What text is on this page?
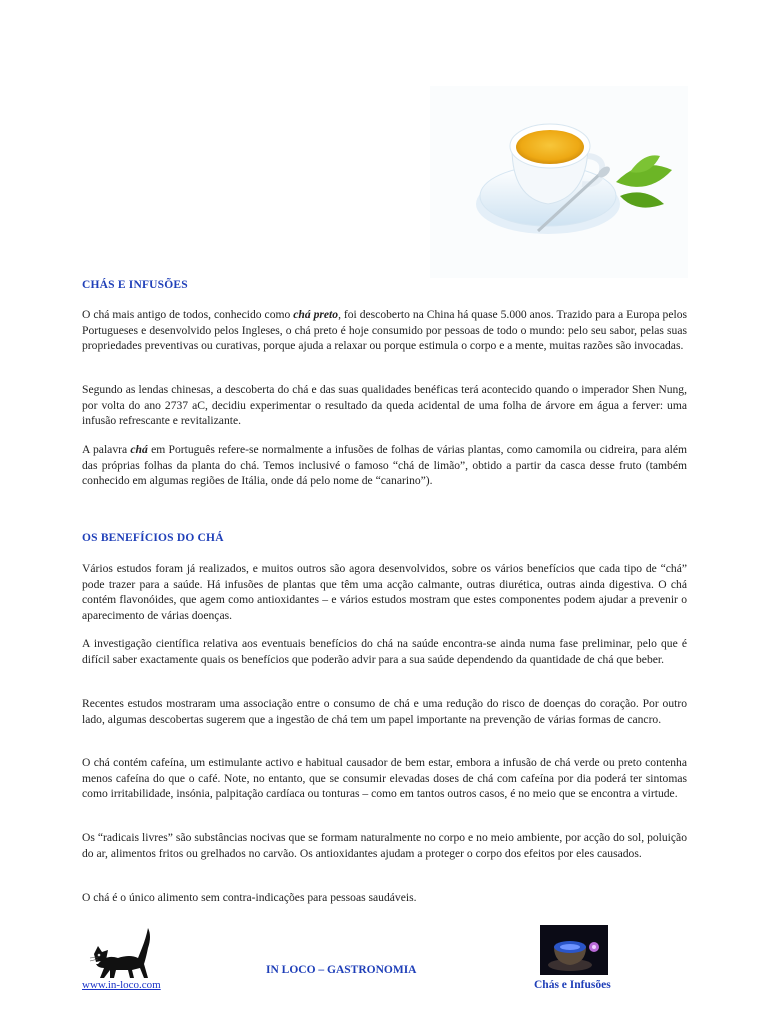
CHÁS E INFUSÕES

O chá mais antigo de todos, conhecido como chá preto, foi descoberto na China há quase 5.000 anos. Trazido para a Europa pelos Portugueses e desenvolvido pelos Ingleses, o chá preto é hoje consumido por pessoas de todo o mundo: pelo seu sabor, pelas suas propriedades preventivas ou curativas, porque ajuda a relaxar ou porque estimula o corpo e a mente, muitas razões são invocadas.

Segundo as lendas chinesas, a descoberta do chá e das suas qualidades benéficas terá acontecido quando o imperador Shen Nung, por volta do ano 2737 aC, decidiu experimentar o resultado da queda acidental de uma folha de árvore em água a ferver: uma infusão refrescante e revitalizante.

A palavra chá em Português refere-se normalmente a infusões de folhas de várias plantas, como camomila ou cidreira, para além das próprias folhas da planta do chá. Temos inclusivé o famoso “chá de limão”, obtido a partir da casca desse fruto (também conhecido em algumas regiões de Itália, onde dá pelo nome de “canarino”).

OS BENEFÍCIOS DO CHÁ

Vários estudos foram já realizados, e muitos outros são agora desenvolvidos, sobre os vários benefícios que cada tipo de “chá” pode trazer para a saúde. Há infusões de plantas que têm uma acção calmante, outras diurética, outras ainda digestiva. O chá contém flavonóides, que agem como antioxidantes – e vários estudos mostram que estes componentes podem ajudar a prevenir o aparecimento de várias doenças.

A investigação científica relativa aos eventuais benefícios do chá na saúde encontra-se ainda numa fase preliminar, pelo que é difícil saber exactamente quais os benefícios que poderão advir para a sua saúde dependendo da quantidade de chá que beber.

Recentes estudos mostraram uma associação entre o consumo de chá e uma redução do risco de doenças do coração. Por outro lado, algumas descobertas sugerem que a ingestão de chá tem um papel importante na prevenção de várias formas de cancro.

O chá contém cafeína, um estimulante activo e habitual causador de bem estar, embora a infusão de chá verde ou preto contenha menos cafeína do que o café. Note, no entanto, que se consumir elevadas doses de chá com cafeína por dia poderá ter sintomas como irritabilidade, insónia, palpitação cardíaca ou tonturas – como em tantos outros casos, é no meio que se encontra a virtude.

Os “radicais livres” são substâncias nocivas que se formam naturalmente no corpo e no meio ambiente, por acção do sol, poluição do ar, alimentos fritos ou grelhados no carvão. Os antioxidantes ajudam a proteger o corpo dos efeitos por eles causados.

O chá é o único alimento sem contra-indicações para pessoas saudáveis.

www.in-loco.com
IN LOCO – GASTRONOMIA
Chás e Infusões
